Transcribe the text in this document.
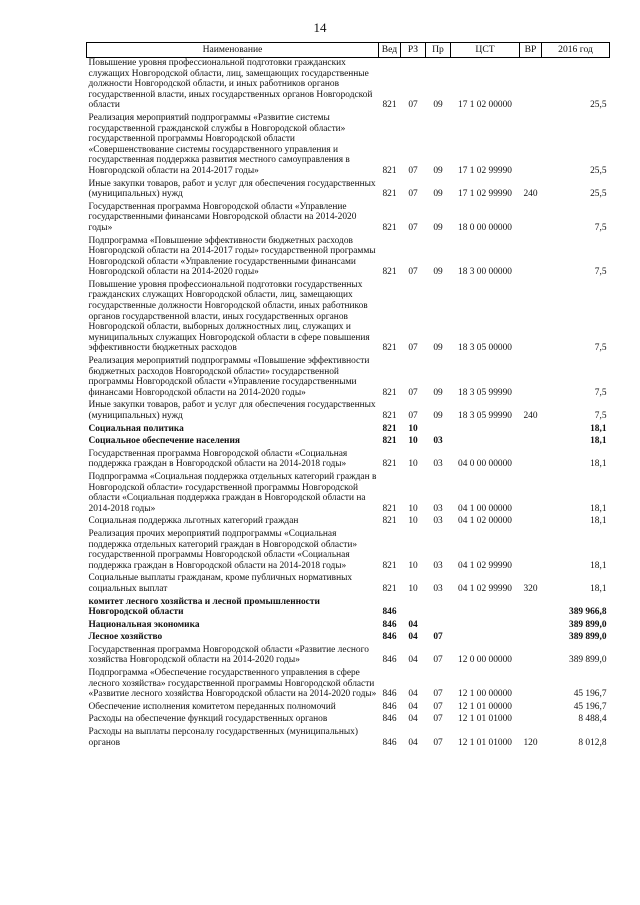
14
Наименование	Вед	РЗ	Пр	ЦСТ	ВР	2016 год
Повышение уровня профессиональной подготовки гражданских служащих Новгородской области, лиц, замещающих государственные должности Новгородской области, и иных работников органов государственной власти, иных государственных органов Новгородской области	821	07	09	17 1 02 00000		25,5
Реализация мероприятий подпрограммы «Развитие системы государственной гражданской службы в Новгородской области» государственной программы Новгородской области «Совершенствование системы государственного управления и государственная поддержка развития местного самоуправления в Новгородской области на 2014-2017 годы»	821	07	09	17 1 02 99990		25,5
Иные закупки товаров, работ и услуг для обеспечения государственных (муниципальных) нужд	821	07	09	17 1 02 99990	240	25,5
Государственная программа Новгородской области «Управление государственными финансами Новгородской области на 2014-2020 годы»	821	07	09	18 0 00 00000		7,5
Подпрограмма «Повышение эффективности бюджетных расходов Новгородской области на 2014-2017 годы» государственной программы Новгородской области «Управление государственными финансами Новгородской области на 2014-2020 годы»	821	07	09	18 3 00 00000		7,5
Повышение уровня профессиональной подготовки государственных гражданских служащих Новгородской области, лиц, замещающих государственные должности Новгородской области, иных работников органов государственной власти, иных государственных органов Новгородской области, выборных должностных лиц, служащих и муниципальных служащих Новгородской области в сфере повышения эффективности бюджетных расходов	821	07	09	18 3 05 00000		7,5
Реализация мероприятий подпрограммы «Повышение эффективности бюджетных расходов Новгородской области» государственной программы Новгородской области «Управление государственными финансами Новгородской области на 2014-2020 годы»	821	07	09	18 3 05 99990		7,5
Иные закупки товаров, работ и услуг для обеспечения государственных (муниципальных) нужд	821	07	09	18 3 05 99990	240	7,5
Социальная политика	821	10				18,1
Социальное обеспечение населения	821	10	03			18,1
Государственная программа Новгородской области «Социальная поддержка граждан в Новгородской области на 2014-2018 годы»	821	10	03	04 0 00 00000		18,1
Подпрограмма «Социальная поддержка отдельных категорий граждан в Новгородской области» государственной программы Новгородской области «Социальная поддержка граждан в Новгородской области на 2014-2018 годы»	821	10	03	04 1 00 00000		18,1
Социальная поддержка льготных категорий граждан	821	10	03	04 1 02 00000		18,1
Реализация прочих мероприятий подпрограммы «Социальная поддержка отдельных категорий граждан в Новгородской области» государственной программы Новгородской области «Социальная поддержка граждан в Новгородской области на 2014-2018 годы»	821	10	03	04 1 02 99990		18,1
Социальные выплаты гражданам, кроме публичных нормативных социальных выплат	821	10	03	04 1 02 99990	320	18,1
комитет лесного хозяйства и лесной промышленности Новгородской области	846					389 966,8
Национальная экономика	846	04				389 899,0
Лесное хозяйство	846	04	07			389 899,0
Государственная программа Новгородской области «Развитие лесного хозяйства Новгородской области на 2014-2020 годы»	846	04	07	12 0 00 00000		389 899,0
Подпрограмма «Обеспечение государственного управления в сфере лесного хозяйства» государственной программы Новгородской области «Развитие лесного хозяйства Новгородской области на 2014-2020 годы»	846	04	07	12 1 00 00000		45 196,7
Обеспечение исполнения комитетом переданных полномочий	846	04	07	12 1 01 00000		45 196,7
Расходы на обеспечение функций государственных органов	846	04	07	12 1 01 01000		8 488,4
Расходы на выплаты персоналу государственных (муниципальных) органов	846	04	07	12 1 01 01000	120	8 012,8
